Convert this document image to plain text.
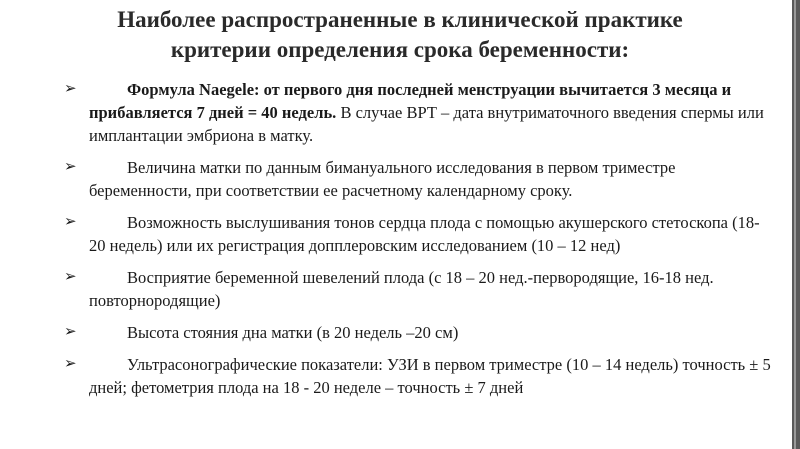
Наиболее распространенные в клинической практике
критерии определения срока беременности:
➢	Формула Naegele: от первого дня последней менструации вычитается 3 месяца и прибавляется 7 дней = 40 недель. В случае ВРТ – дата внутриматочного введения спермы или имплантации эмбриона в матку.
➢	Величина матки по данным бимануального исследования в первом триместре беременности, при соответствии ее расчетному календарному сроку.
➢	Возможность выслушивания тонов сердца плода с помощью акушерского стетоскопа (18-20 недель) или их регистрация допплеровским исследованием (10 – 12 нед)
➢	Восприятие беременной шевелений плода (с 18 – 20 нед.-первородящие, 16-18 нед. повторнородящие)
➢	Высота стояния дна матки (в 20 недель –20 см)
➢	Ультрасонографические показатели: УЗИ в первом триместре (10 – 14 недель) точность ± 5 дней; фетометрия плода на 18 - 20 неделе – точность ± 7 дней
